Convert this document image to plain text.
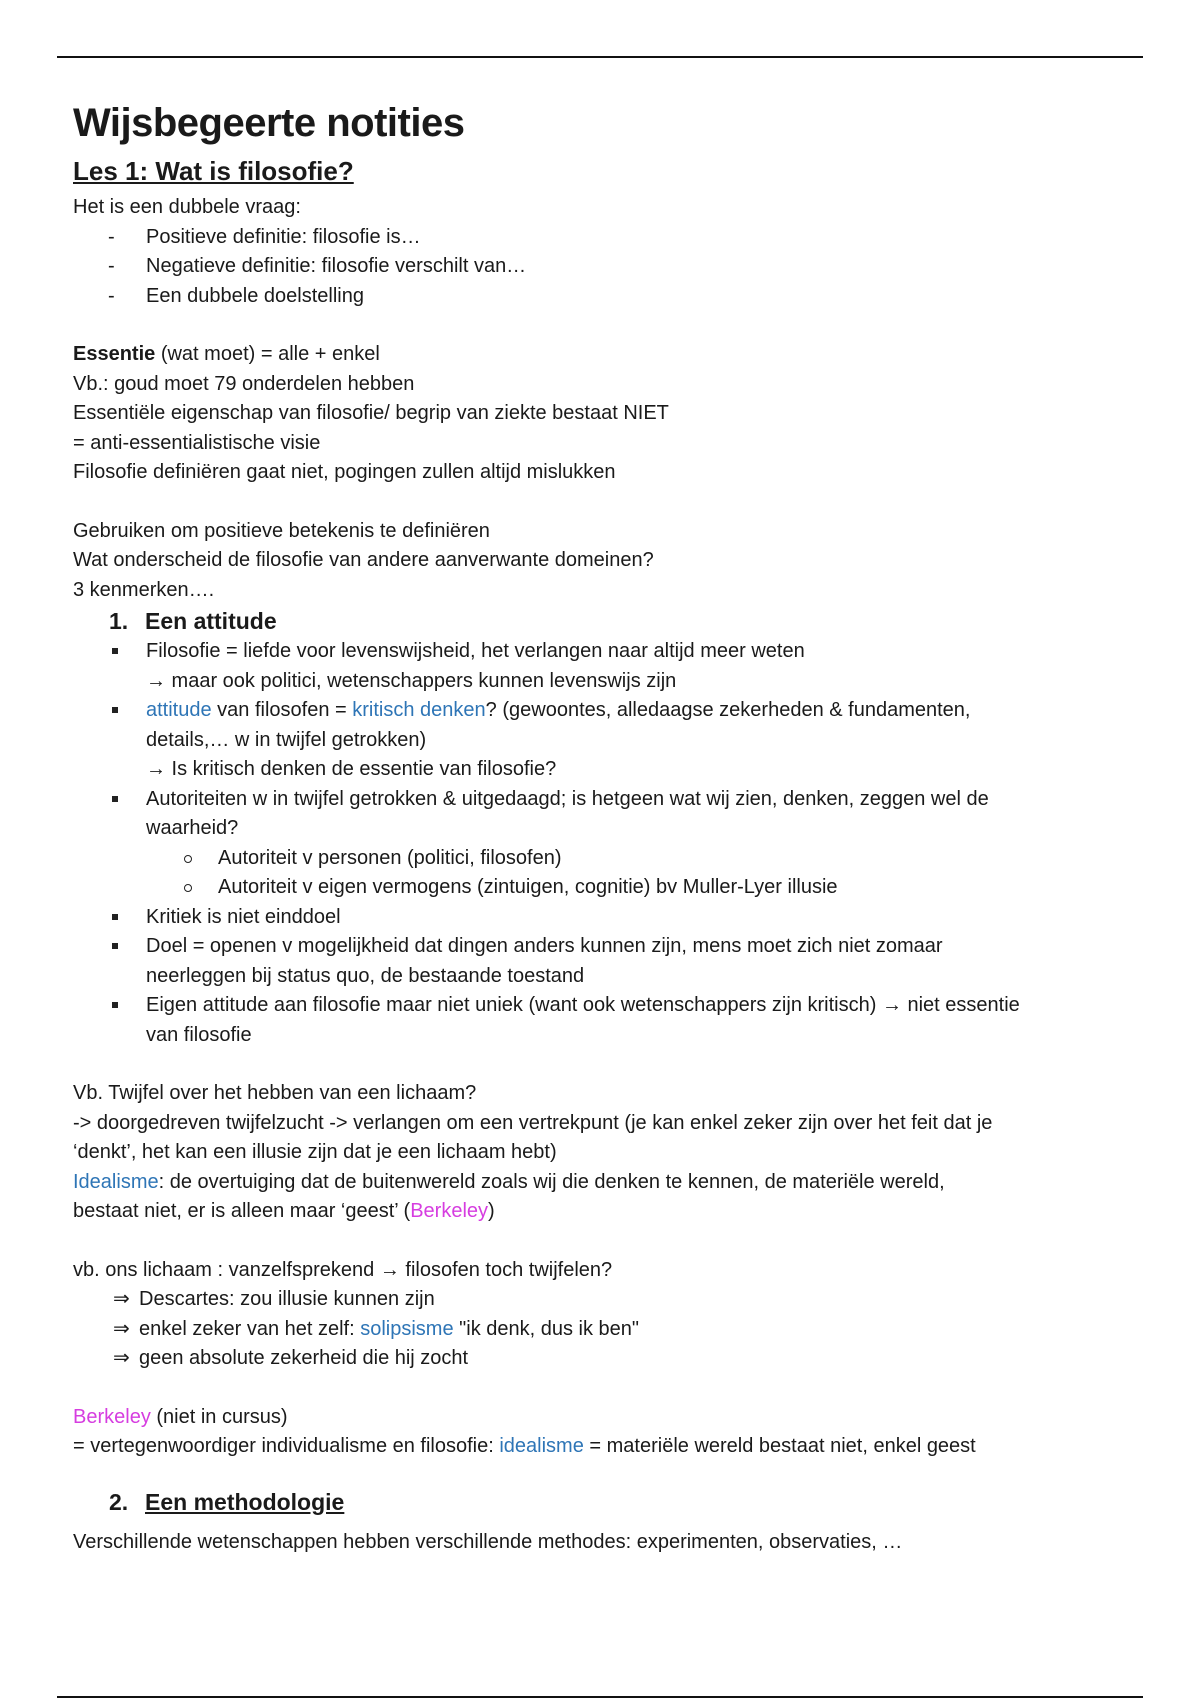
Wijsbegeerte notities
Les 1: Wat is filosofie?
Het is een dubbele vraag:
- Positieve definitie: filosofie is…
- Negatieve definitie: filosofie verschilt van…
- Een dubbele doelstelling
Essentie (wat moet) = alle + enkel
Vb.: goud moet 79 onderdelen hebben
Essentiële eigenschap van filosofie/ begrip van ziekte bestaat NIET
= anti-essentialistische visie
Filosofie definiëren gaat niet, pogingen zullen altijd mislukken
Gebruiken om positieve betekenis te definiëren
Wat onderscheid de filosofie van andere aanverwante domeinen?
3 kenmerken….
1. Een attitude
Filosofie = liefde voor levenswijsheid, het verlangen naar altijd meer weten
→ maar ook politici, wetenschappers kunnen levenswijs zijn
attitude van filosofen = kritisch denken? (gewoontes, alledaagse zekerheden & fundamenten,
details,… w in twijfel getrokken)
→ Is kritisch denken de essentie van filosofie?
Autoriteiten w in twijfel getrokken & uitgedaagd; is hetgeen wat wij zien, denken, zeggen wel de
waarheid?
Autoriteit v personen (politici, filosofen)
Autoriteit v eigen vermogens (zintuigen, cognitie) bv Muller-Lyer illusie
Kritiek is niet einddoel
Doel = openen v mogelijkheid dat dingen anders kunnen zijn, mens moet zich niet zomaar
neerleggen bij status quo, de bestaande toestand
Eigen attitude aan filosofie maar niet uniek (want ook wetenschappers zijn kritisch) → niet essentie
van filosofie
Vb. Twijfel over het hebben van een lichaam?
-> doorgedreven twijfelzucht -> verlangen om een vertrekpunt (je kan enkel zeker zijn over het feit dat je
‘denkt’, het kan een illusie zijn dat je een lichaam hebt)
Idealisme: de overtuiging dat de buitenwereld zoals wij die denken te kennen, de materiële wereld,
bestaat niet, er is alleen maar ‘geest’ (Berkeley)
vb. ons lichaam : vanzelfsprekend → filosofen toch twijfelen?
⇒ Descartes: zou illusie kunnen zijn
⇒ enkel zeker van het zelf: solipsisme "ik denk, dus ik ben"
⇒ geen absolute zekerheid die hij zocht
Berkeley (niet in cursus)
= vertegenwoordiger individualisme en filosofie: idealisme = materiële wereld bestaat niet, enkel geest
2. Een methodologie
Verschillende wetenschappen hebben verschillende methodes: experimenten, observaties, …
